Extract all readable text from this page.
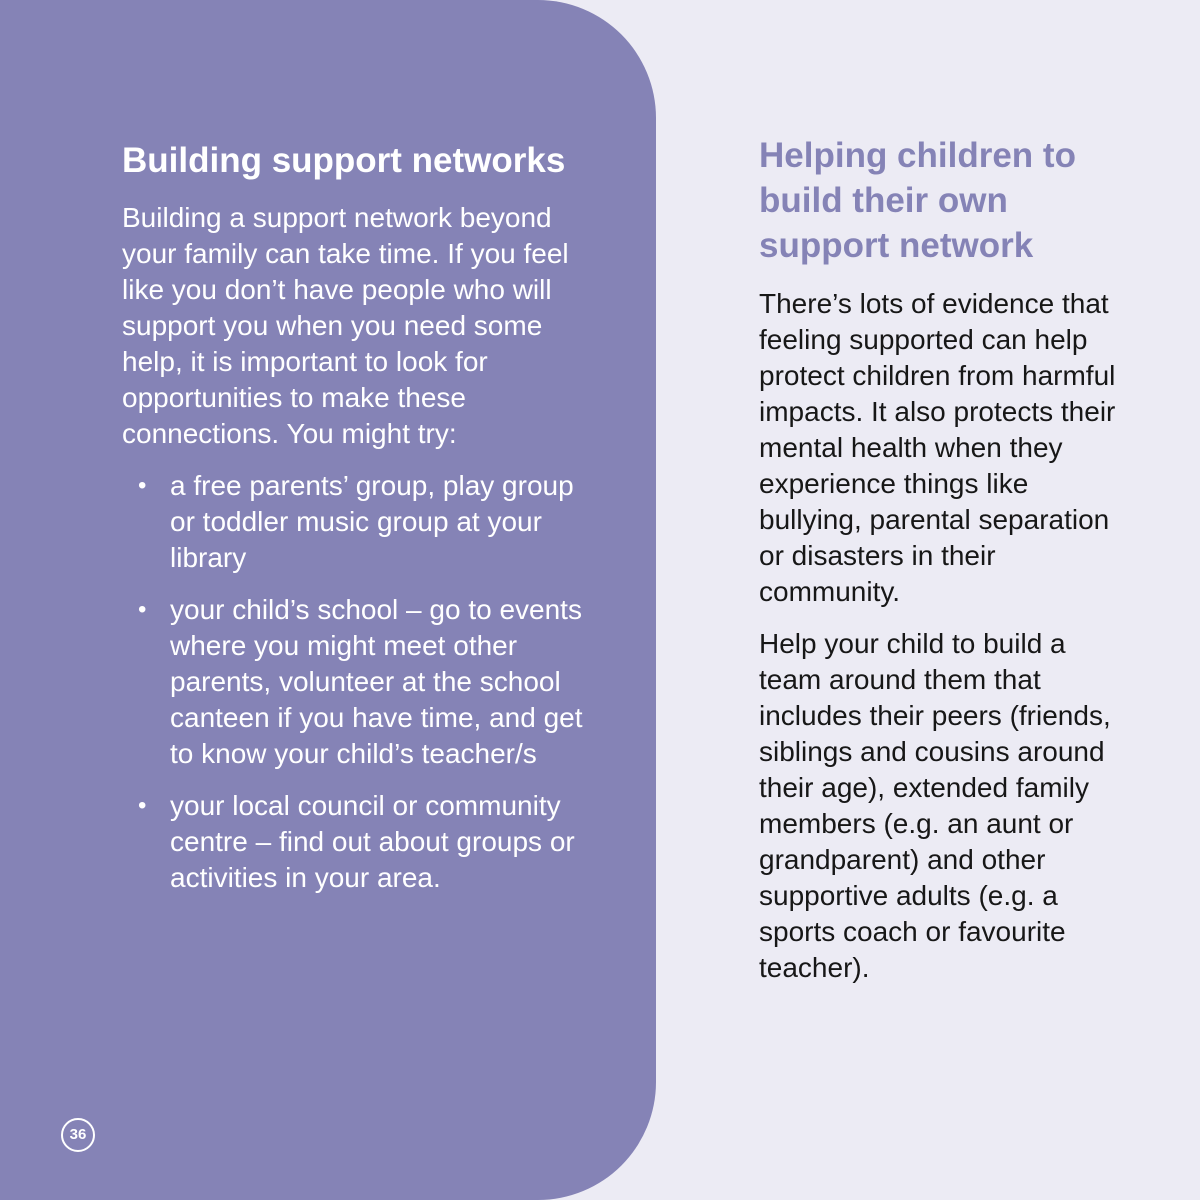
Building support networks

Building a support network beyond your family can take time. If you feel like you don’t have people who will support you when you need some help, it is important to look for opportunities to make these connections. You might try:

• a free parents’ group, play group or toddler music group at your library
• your child’s school – go to events where you might meet other parents, volunteer at the school canteen if you have time, and get to know your child’s teacher/s
• your local council or community centre – find out about groups or activities in your area.
36
Helping children to build their own support network

There’s lots of evidence that feeling supported can help protect children from harmful impacts. It also protects their mental health when they experience things like bullying, parental separation or disasters in their community.

Help your child to build a team around them that includes their peers (friends, siblings and cousins around their age), extended family members (e.g. an aunt or grandparent) and other supportive adults (e.g. a sports coach or favourite teacher).
